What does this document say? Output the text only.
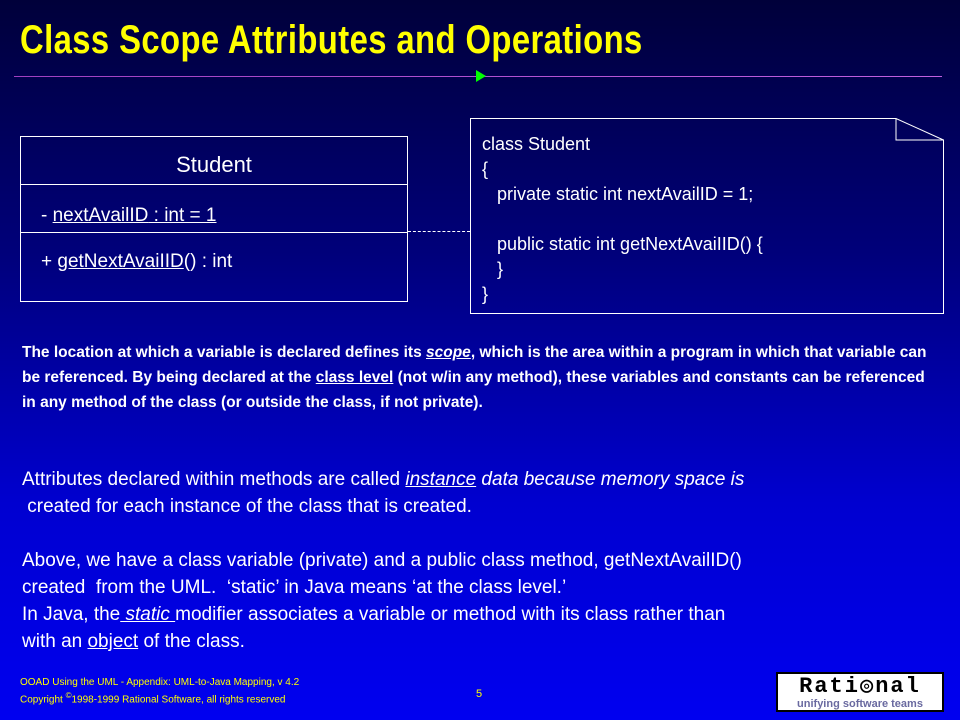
Class Scope Attributes and Operations
Student
- nextAvailID : int = 1
+ getNextAvaiIID() : int
class Student
{
private static int nextAvailID = 1;
public static int getNextAvaiIID() {
}
}
The location at which a variable is declared defines its scope, which is the area within a program in which that variable can be referenced. By being declared at the class level (not w/in any method), these variables and constants can be referenced in any method of the class (or outside the class, if not private).
Attributes declared within methods are called instance data because memory space is
created for each instance of the class that is created.
Above, we have a class variable (private) and a public class method, getNextAvailID()
created  from the UML.  ‘static’ in Java means ‘at the class level.’
In Java, the static modifier associates a variable or method with its class rather than
with an object of the class.
OOAD Using the UML - Appendix: UML-to-Java Mapping, v 4.2
Copyright ©1998-1999 Rational Software, all rights reserved	5	Rati◎nal
unifying software teams
